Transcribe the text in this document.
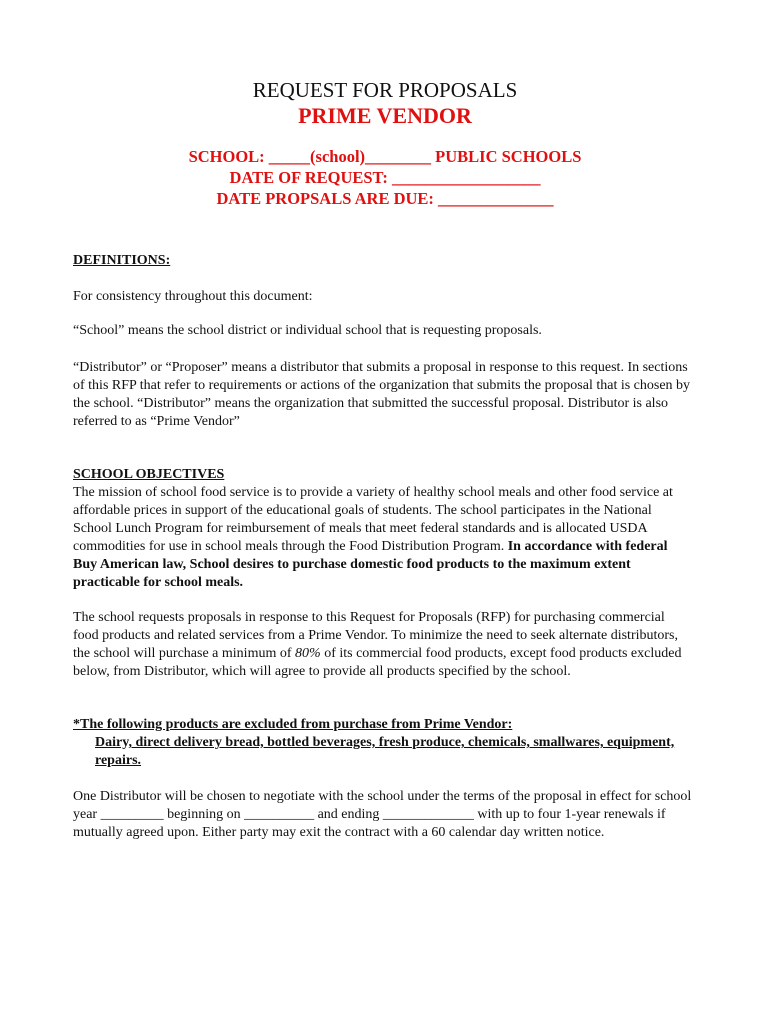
REQUEST FOR PROPOSALS
PRIME VENDOR
SCHOOL: _____(school)________ PUBLIC SCHOOLS
DATE OF REQUEST: __________________
DATE PROPSALS ARE DUE: ______________
DEFINITIONS:
For consistency throughout this document:
“School” means the school district or individual school that is requesting proposals.
“Distributor” or “Proposer” means a distributor that submits a proposal in response to this request. In sections of this RFP that refer to requirements or actions of the organization that submits the proposal that is chosen by the school. “Distributor” means the organization that submitted the successful proposal. Distributor is also referred to as “Prime Vendor”
SCHOOL OBJECTIVES
The mission of school food service is to provide a variety of healthy school meals and other food service at affordable prices in support of the educational goals of students. The school participates in the National School Lunch Program for reimbursement of meals that meet federal standards and is allocated USDA commodities for use in school meals through the Food Distribution Program. In accordance with federal Buy American law, School desires to purchase domestic food products to the maximum extent practicable for school meals.
The school requests proposals in response to this Request for Proposals (RFP) for purchasing commercial food products and related services from a Prime Vendor. To minimize the need to seek alternate distributors, the school will purchase a minimum of 80% of its commercial food products, except food products excluded below, from Distributor, which will agree to provide all products specified by the school.
*The following products are excluded from purchase from Prime Vendor:
Dairy, direct delivery bread, bottled beverages, fresh produce, chemicals, smallwares, equipment, repairs.
One Distributor will be chosen to negotiate with the school under the terms of the proposal in effect for school year _________ beginning on __________ and ending _____________ with up to four 1-year renewals if mutually agreed upon. Either party may exit the contract with a 60 calendar day written notice.
